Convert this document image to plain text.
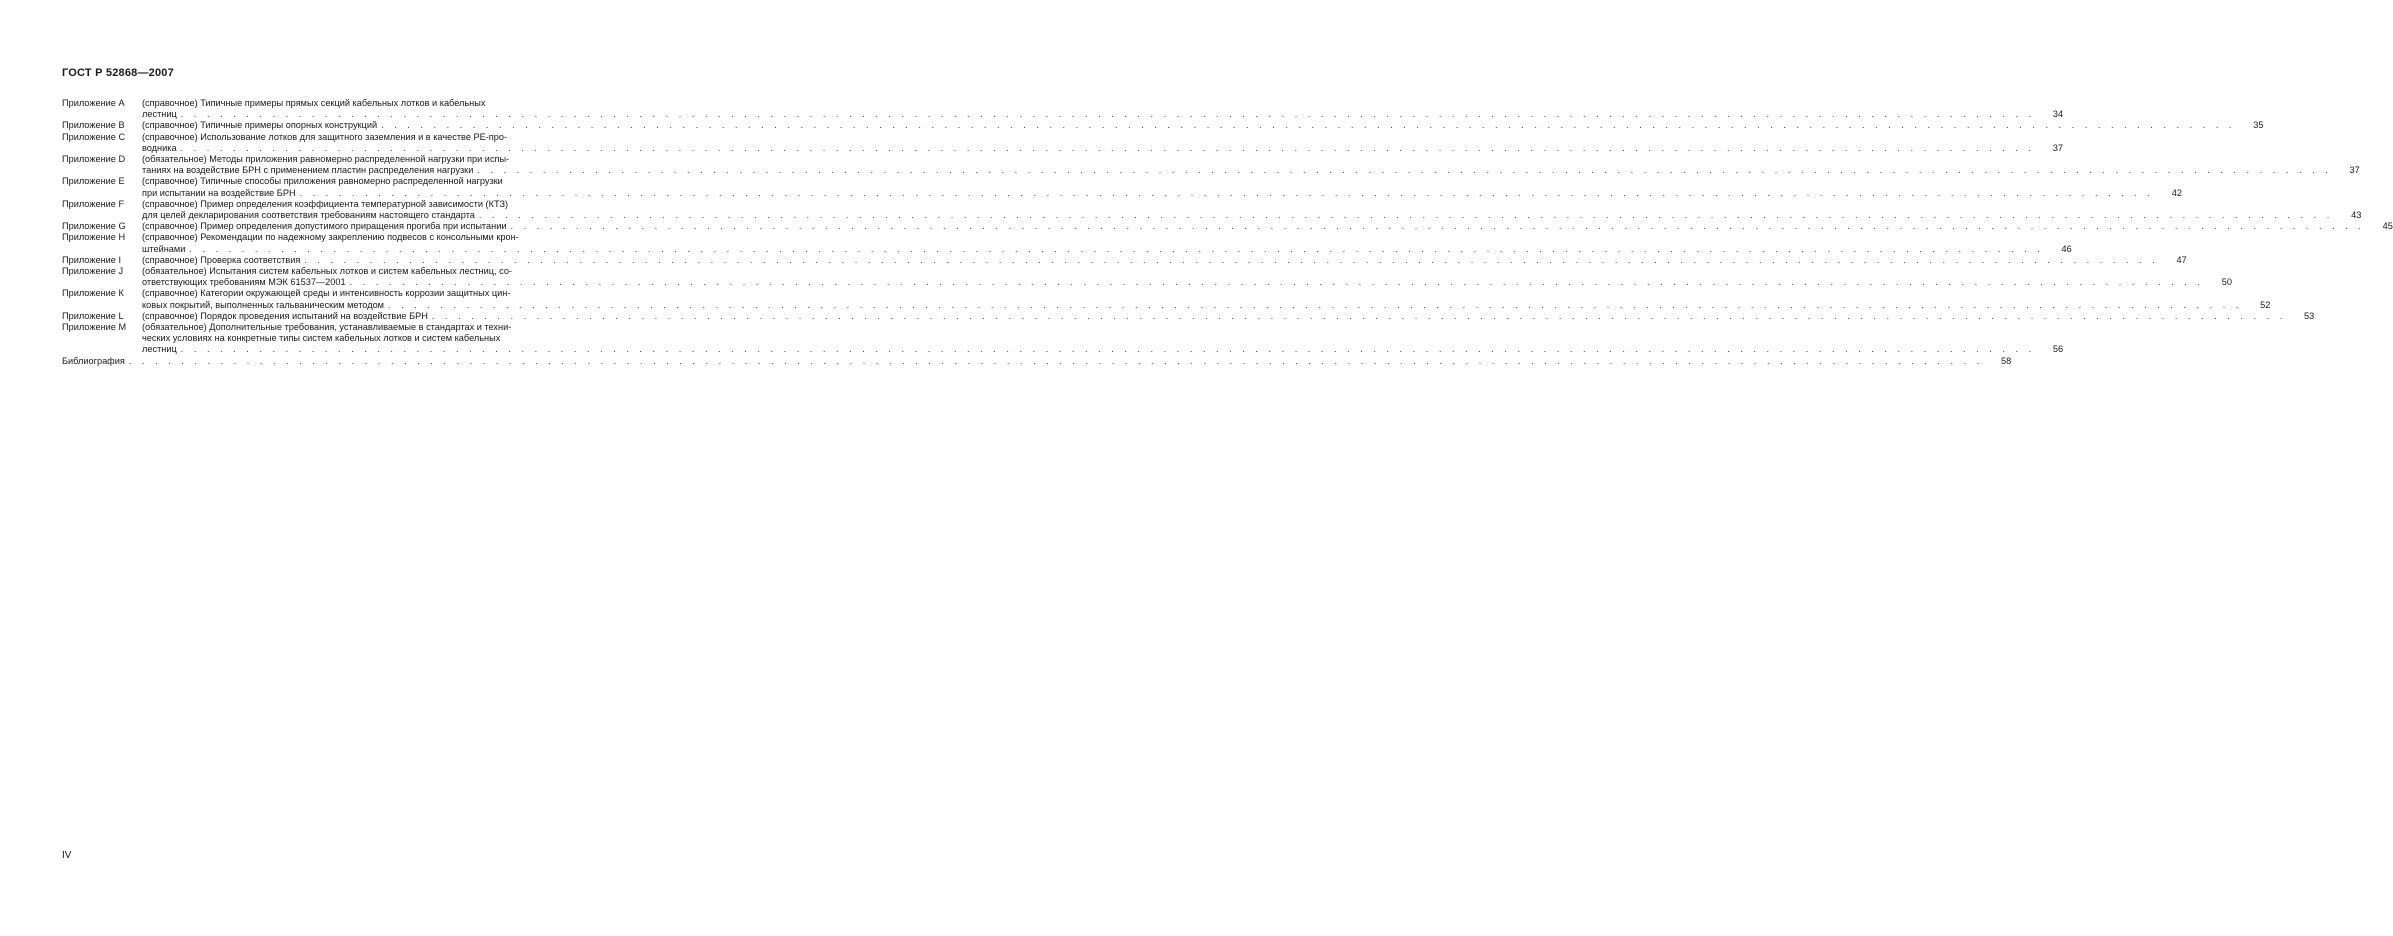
ГОСТ Р 52868—2007
Приложение А	(справочное) Типичные примеры прямых секций кабельных лотков и кабельных
лестниц . . .	34
Приложение В	(справочное) Типичные примеры опорных конструкций . . .	35
Приложение С	(справочное) Использование лотков для защитного заземления и в качестве РЕ-про-
водника . . .	37
Приложение D	(обязательное) Методы приложения равномерно распределенной нагрузки при испы-
таниях на воздействие БРН с применением пластин распределения нагрузки . . .	37
Приложение Е	(справочное) Типичные способы приложения равномерно распределенной нагрузки
при испытании на воздействие БРН . . .	42
Приложение F	(справочное) Пример определения коэффициента температурной зависимости (КТЗ)
для целей декларирования соответствия требованиям настоящего стандарта . . .	43
Приложение G	(справочное) Пример определения допустимого приращения прогиба при испытании . . .	45
Приложение Н	(справочное) Рекомендации по надежному закреплению подвесов с консольными крон-
штейнами . . .	46
Приложение I	(справочное) Проверка соответствия . . .	47
Приложение J	(обязательное) Испытания систем кабельных лотков и систем кабельных лестниц, со-
ответствующих требованиям МЭК 61537—2001 . . .	50
Приложение К	(справочное) Категории окружающей среды и интенсивность коррозии защитных цин-
ковых покрытий, выполненных гальваническим методом . . .	52
Приложение L	(справочное) Порядок проведения испытаний на воздействие БРН . . .	53
Приложение М	(обязательное) Дополнительные требования, устанавливаемые в стандартах и техни-
ческих условиях на конкретные типы систем кабельных лотков и систем кабельных
лестниц . . .	56
Библиография . . .	58
IV
